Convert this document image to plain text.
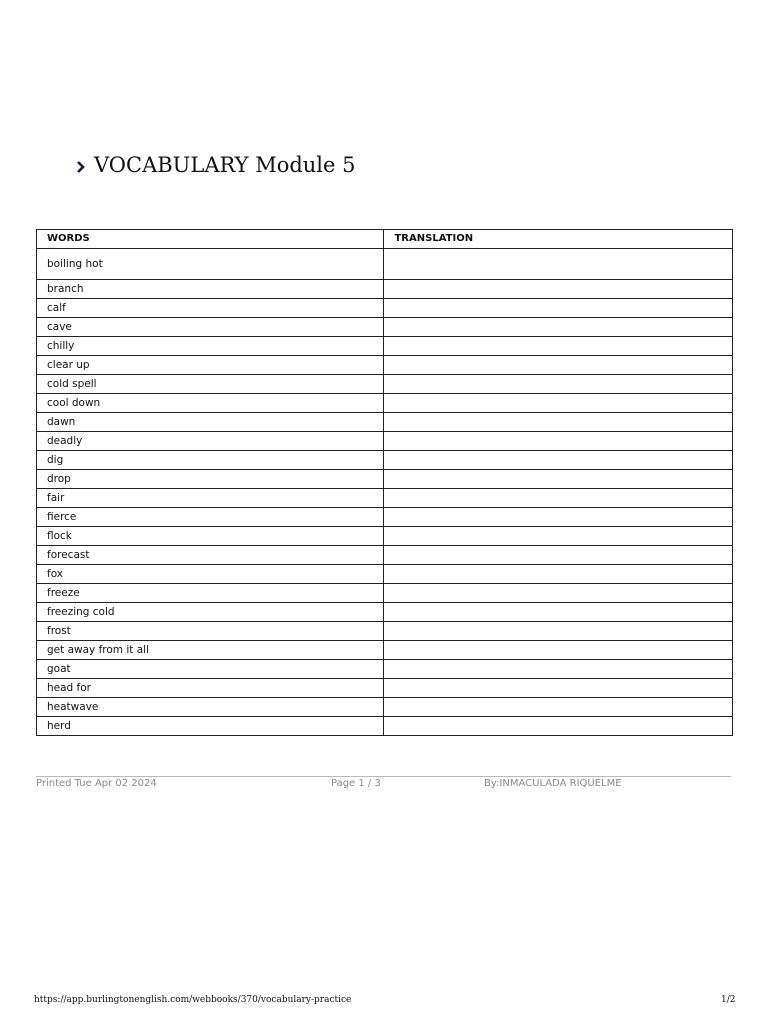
VOCABULARY Module 5
WORDS	TRANSLATION
boiling hot	
branch	
calf	
cave	
chilly	
clear up	
cold spell	
cool down	
dawn	
deadly	
dig	
drop	
fair	
fierce	
flock	
forecast	
fox	
freeze	
freezing cold	
frost	
get away from it all	
goat	
head for	
heatwave	
herd	
Printed Tue Apr 02 2024	Page 1 / 3	By:INMACULADA RIQUELME
https://app.burlingtonenglish.com/webbooks/370/vocabulary-practice	1/2
